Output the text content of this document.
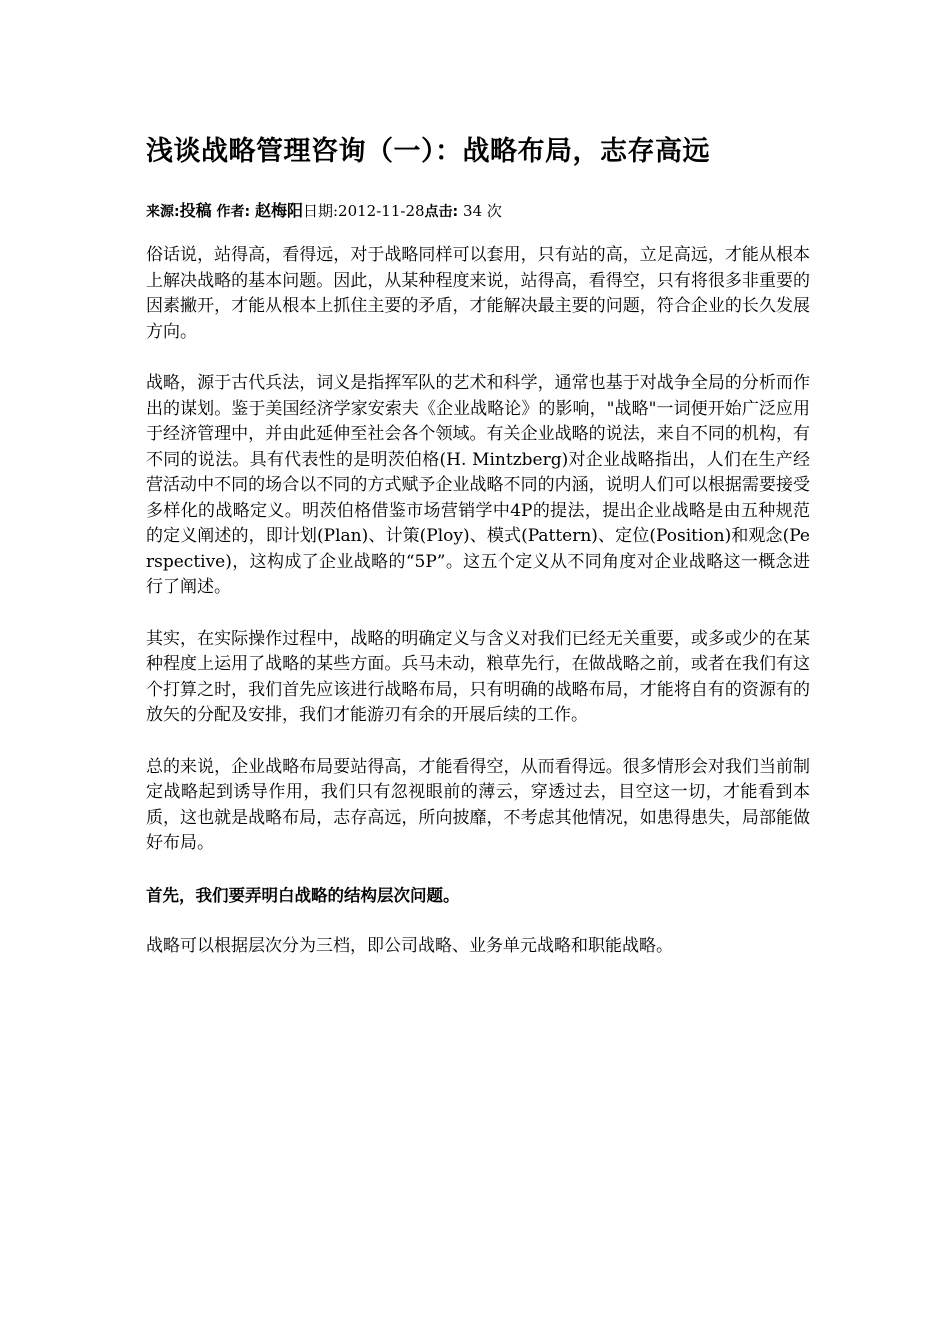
浅谈战略管理咨询（一）：战略布局，志存高远
来源:投稿 作者: 赵梅阳日期:2012-11-28点击: 34 次

俗话说，站得高，看得远，对于战略同样可以套用，只有站的高，立足高远，才能从根本上解决战略的基本问题。因此，从某种程度来说，站得高，看得空，只有将很多非重要的因素撇开，才能从根本上抓住主要的矛盾，才能解决最主要的问题，符合企业的长久发展方向。

战略，源于古代兵法，词义是指挥军队的艺术和科学，通常也基于对战争全局的分析而作出的谋划。鉴于美国经济学家安索夫《企业战略论》的影响，"战略"一词便开始广泛应用于经济管理中，并由此延伸至社会各个领域。有关企业战略的说法，来自不同的机构，有不同的说法。具有代表性的是明茨伯格(H. Mintzberg)对企业战略指出，人们在生产经营活动中不同的场合以不同的方式赋予企业战略不同的内涵，说明人们可以根据需要接受多样化的战略定义。明茨伯格借鉴市场营销学中4P的提法，提出企业战略是由五种规范的定义阐述的，即计划(Plan)、计策(Ploy)、模式(Pattern)、定位(Position)和观念(Perspective)，这构成了企业战略的“5P”。这五个定义从不同角度对企业战略这一概念进行了阐述。

其实，在实际操作过程中，战略的明确定义与含义对我们已经无关重要，或多或少的在某种程度上运用了战略的某些方面。兵马未动，粮草先行，在做战略之前，或者在我们有这个打算之时，我们首先应该进行战略布局，只有明确的战略布局，才能将自有的资源有的放矢的分配及安排，我们才能游刃有余的开展后续的工作。

总的来说，企业战略布局要站得高，才能看得空，从而看得远。很多情形会对我们当前制定战略起到诱导作用，我们只有忽视眼前的薄云，穿透过去，目空这一切，才能看到本质，这也就是战略布局，志存高远，所向披靡，不考虑其他情况，如患得患失，局部能做好布局。

首先，我们要弄明白战略的结构层次问题。

战略可以根据层次分为三档，即公司战略、业务单元战略和职能战略。
